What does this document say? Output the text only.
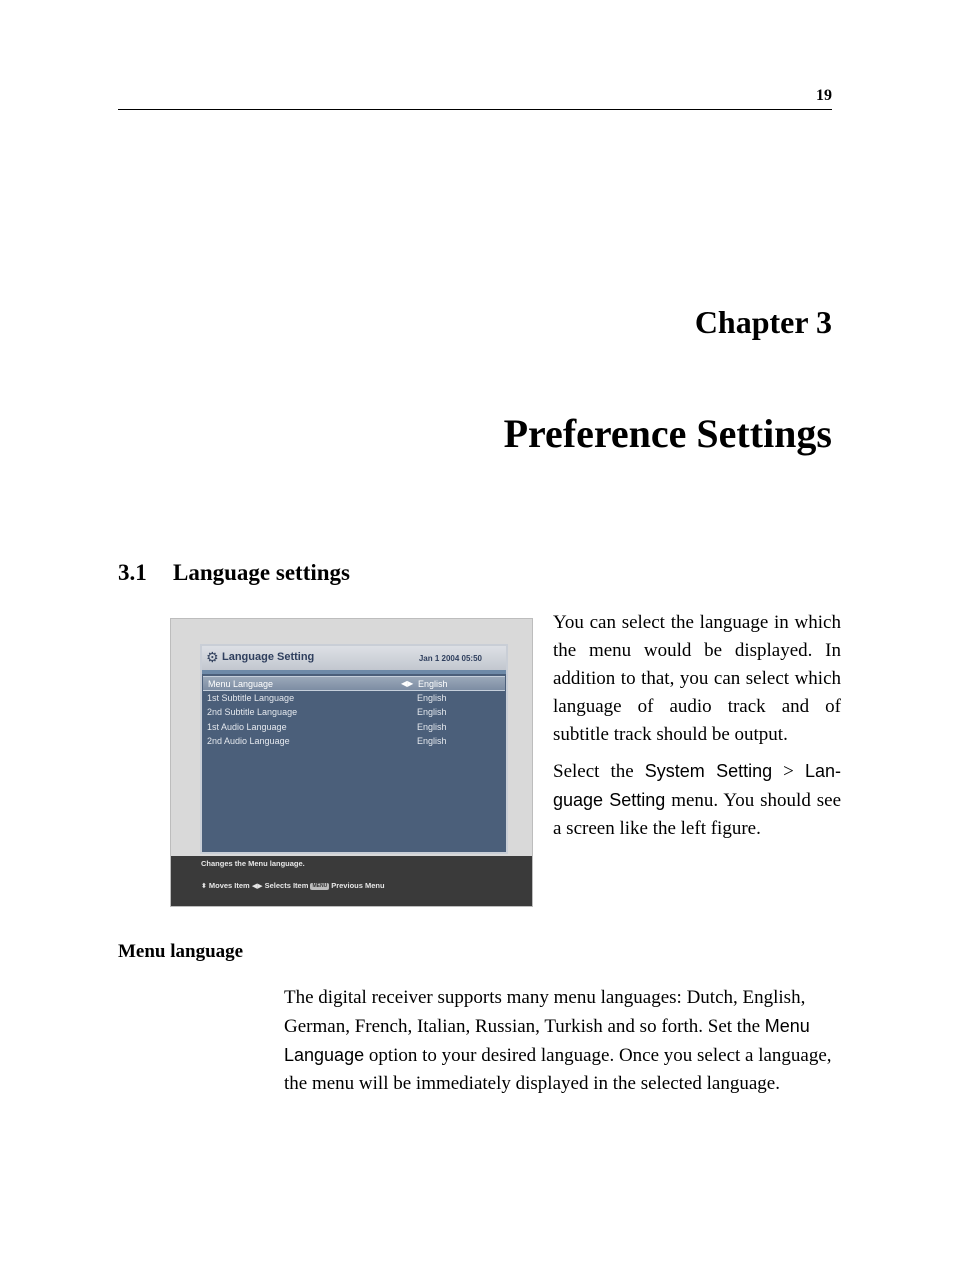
19
Chapter 3
Preference Settings
3.1 Language settings
⚙ Language Setting	Jan 1 2004 05:50
Menu Language	◀▶ English
1st Subtitle Language	English
2nd Subtitle Language	English
1st Audio Language	English
2nd Audio Language	English
Changes the Menu language.
⬍ Moves Item ◀▶ Selects Item MENU Previous Menu

You can select the language in which the menu would be displayed. In addition to that, you can select which language of audio track and of subtitle track should be output.

Select the System Setting > Language Setting menu. You should see a screen like the left figure.

Menu language

The digital receiver supports many menu languages: Dutch, English, German, French, Italian, Russian, Turkish and so forth. Set the Menu Language option to your desired language. Once you select a language, the menu will be immediately displayed in the selected language.
